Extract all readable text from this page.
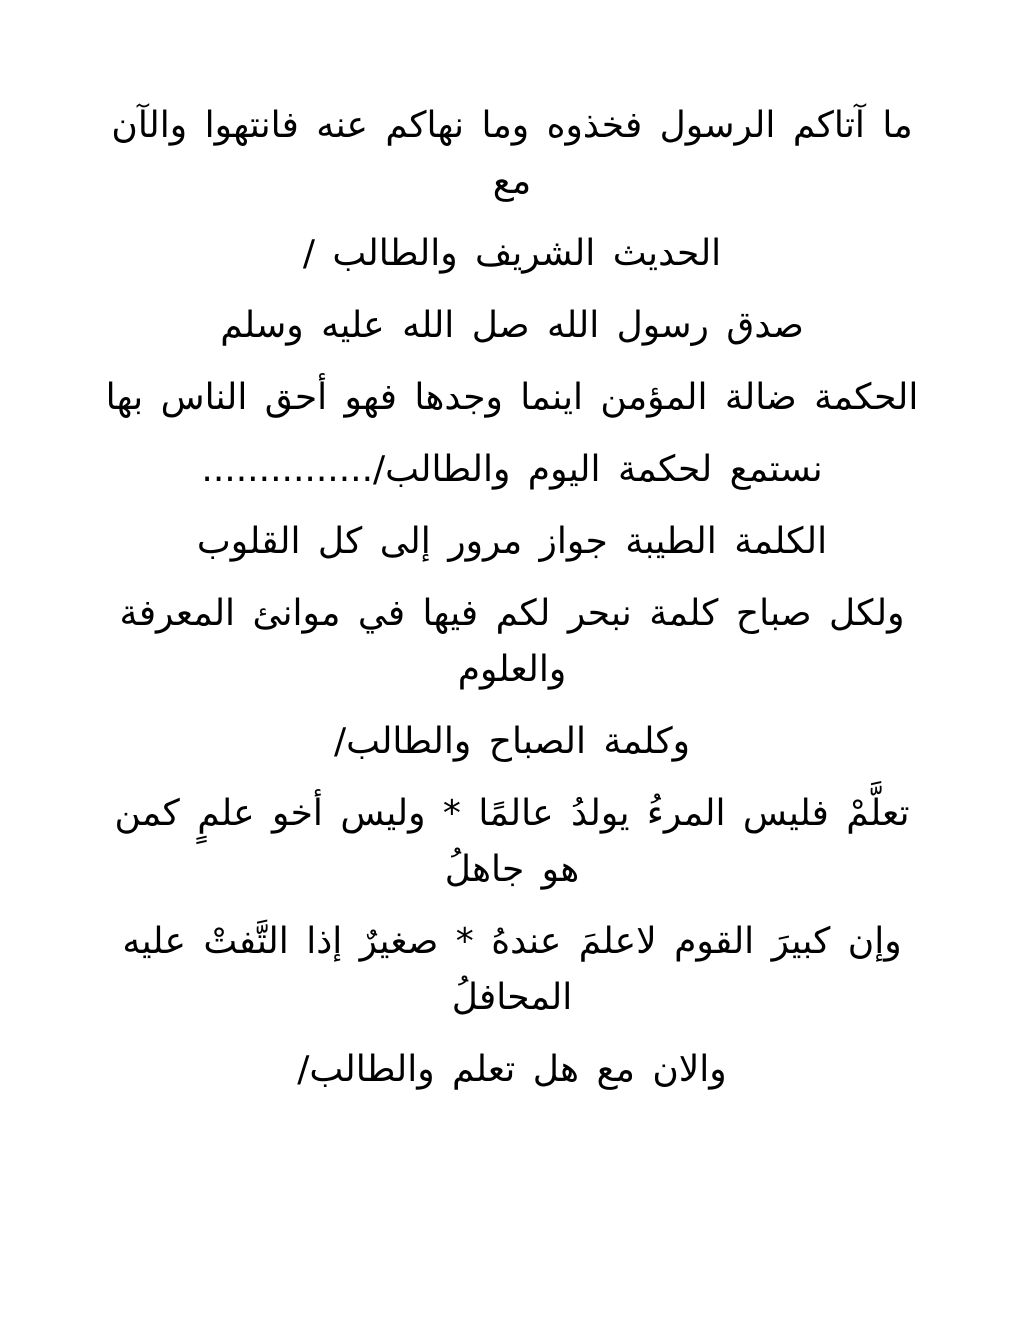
ما آتاكم الرسول فخذوه وما نهاكم عنه فانتهوا والآن مع

الحديث الشريف والطالب /

صدق رسول الله صل الله عليه وسلم

الحكمة ضالة المؤمن اينما وجدها فهو أحق الناس بها

نستمع لحكمة اليوم والطالب/...............

الكلمة الطيبة جواز مرور إلى كل القلوب

ولكل صباح كلمة نبحر لكم فيها في موانئ المعرفة والعلوم

وكلمة الصباح والطالب/

تعلَّمْ فليس المرءُ يولدُ عالمًا * وليس أخو علمٍ كمن هو جاهلُ

وإن كبيرَ القوم لاعلمَ عندهُ * صغيرٌ إذا التَّفتْ عليه المحافلُ

والان مع هل تعلم والطالب/
